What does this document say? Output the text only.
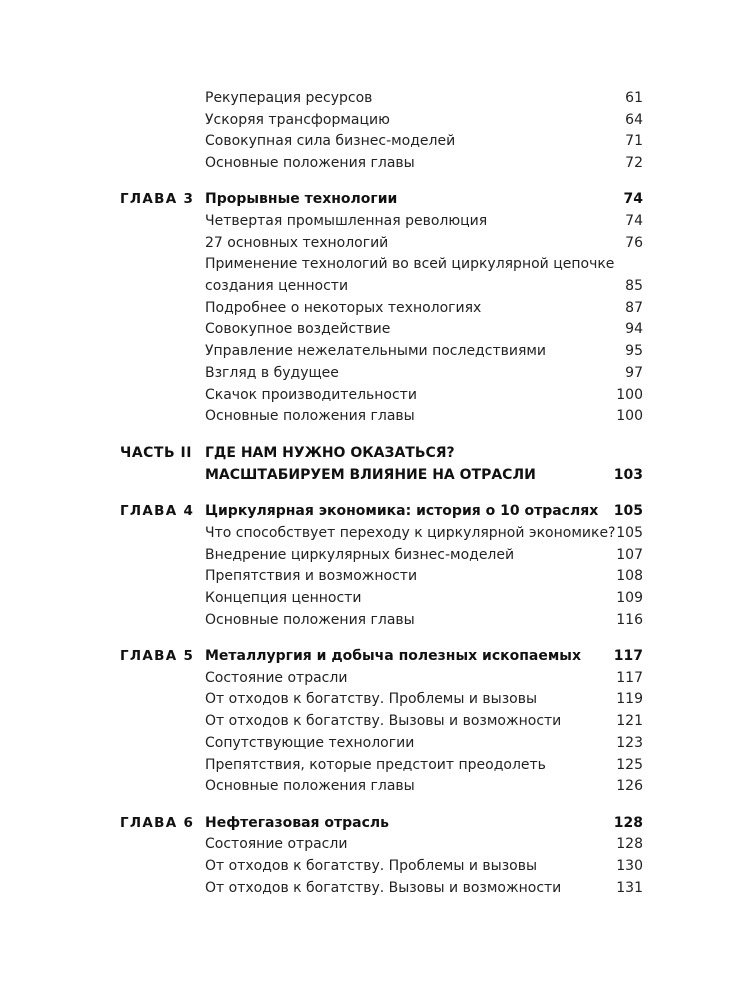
Рекуперация ресурсов	61
Ускоряя трансформацию	64
Совокупная сила бизнес-моделей	71
Основные положения главы	72
ГЛАВА 3 Прорывные технологии	74
Четвертая промышленная революция	74
27 основных технологий	76
Применение технологий во всей циркулярной цепочке
создания ценности	85
Подробнее о некоторых технологиях	87
Совокупное воздействие	94
Управление нежелательными последствиями	95
Взгляд в будущее	97
Скачок производительности	100
Основные положения главы	100
ЧАСТЬ II ГДЕ НАМ НУЖНО ОКАЗАТЬСЯ?
МАСШТАБИРУЕМ ВЛИЯНИЕ НА ОТРАСЛИ	103
ГЛАВА 4 Циркулярная экономика: история о 10 отраслях 105
Что способствует переходу к циркулярной экономике? 105
Внедрение циркулярных бизнес-моделей	107
Препятствия и возможности	108
Концепция ценности	109
Основные положения главы	116
ГЛАВА 5 Металлургия и добыча полезных ископаемых 117
Состояние отрасли	117
От отходов к богатству. Проблемы и вызовы	119
От отходов к богатству. Вызовы и возможности	121
Сопутствующие технологии	123
Препятствия, которые предстоит преодолеть	125
Основные положения главы	126
ГЛАВА 6 Нефтегазовая отрасль	128
Состояние отрасли	128
От отходов к богатству. Проблемы и вызовы	130
От отходов к богатству. Вызовы и возможности	131
